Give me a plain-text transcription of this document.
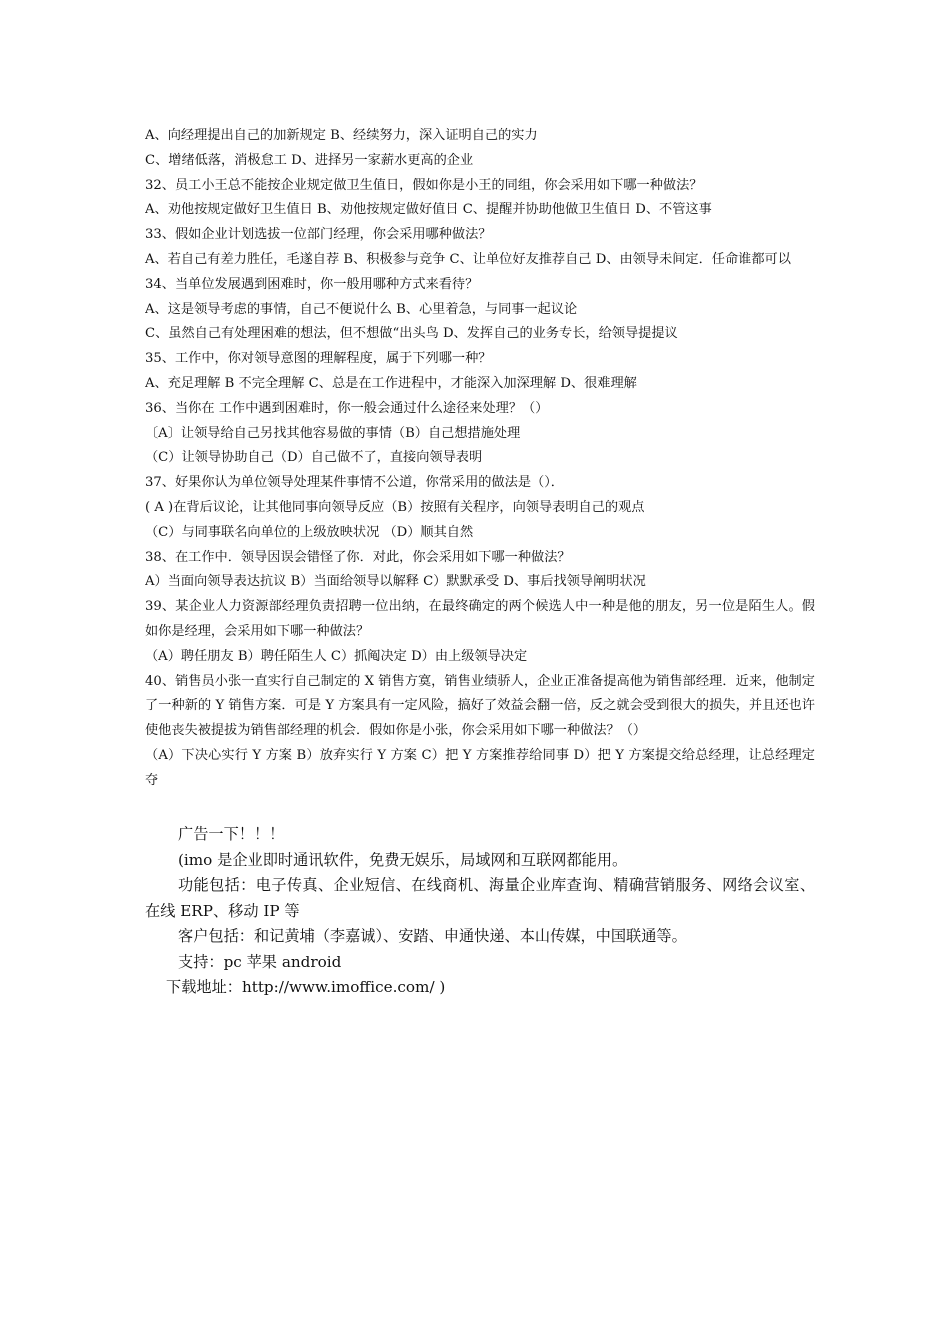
A、向经理提出自己的加新规定 B、经续努力，深入证明自己的实力
C、增绪低落，消极怠工 D、进择另一家薪水更高的企业
32、员工小王总不能按企业规定做卫生值日，假如你是小王的同组，你会采用如下哪一种做法？
A、劝他按规定做好卫生值日 B、劝他按规定做好值日 C、提醒并协助他做卫生值日 D、不管这事
33、假如企业计划选拔一位部门经理，你会采用哪种做法？
A、若自己有差力胜任，毛遂自荐 B、积极参与竞争 C、让单位好友推荐自己 D、由领导未间定．任命谁都可以
34、当单位发展遇到困难时，你一般用哪种方式来看待？
A、这是领导考虑的事情，自己不便说什么 B、心里着急，与同事一起议论
C、虽然自己有处理困难的想法，但不想做“出头鸟 D、发挥自己的业务专长，给领导提提议
35、工作中，你对领导意图的理解程度，属于下列哪一种？
A、充足理解 B 不完全理解 C、总是在工作进程中，才能深入加深理解 D、很难理解
36、当你在 工作中遇到困难时，你一般会通过什么途径来处理？（）
〔A〕让领导给自己另找其他容易做的事情（B）自己想措施处理
（C）让领导协助自己（D）自己做不了，直接向领导表明
37、好果你认为单位领导处理某件事情不公道，你常采用的做法是（）．
( A )在背后议论，让其他同事向领导反应（B）按照有关程序，向领导表明自己的观点
（C）与同事联名向单位的上级放映状况 （D）顺其自然
38、在工作中．领导因误会错怪了你．对此，你会采用如下哪一种做法？
A）当面向领导表达抗议 B）当面给领导以解释 C）默默承受 D、事后找领导阐明状况
39、某企业人力资源部经理负责招聘一位出纳，在最终确定的两个候选人中一种是他的朋友，另一位是陌生人。假如你是经理，会采用如下哪一种做法？
（A）聘任朋友 B）聘任陌生人 C）抓阄决定 D）由上级领导决定
40、销售员小张一直实行自己制定的 X 销售方寞，销售业绩骄人，企业正准备提高他为销售部经理．近来，他制定了一种新的 Y 销售方案．可是 Y 方案具有一定风险，搞好了效益会翻一倍，反之就会受到很大的损失，并且还也许使他丧失被提拔为销售部经理的机会．假如你是小张，你会采用如下哪一种做法？（）
（A）下决心实行 Y 方案 B）放弃实行 Y 方案 C）把 Y 方案推荐给同事 D）把 Y 方案提交给总经理，让总经理定夺
广告一下！！！
(imo 是企业即时通讯软件，免费无娱乐，局域网和互联网都能用。
功能包括：电子传真、企业短信、在线商机、海量企业库查询、精确营销服务、网络会议室、在线 ERP、移动 IP 等
客户包括：和记黄埔（李嘉诚）、安踏、申通快递、本山传媒，中国联通等。
支持：pc 苹果 android
下载地址：http://www.imoffice.com/ )
